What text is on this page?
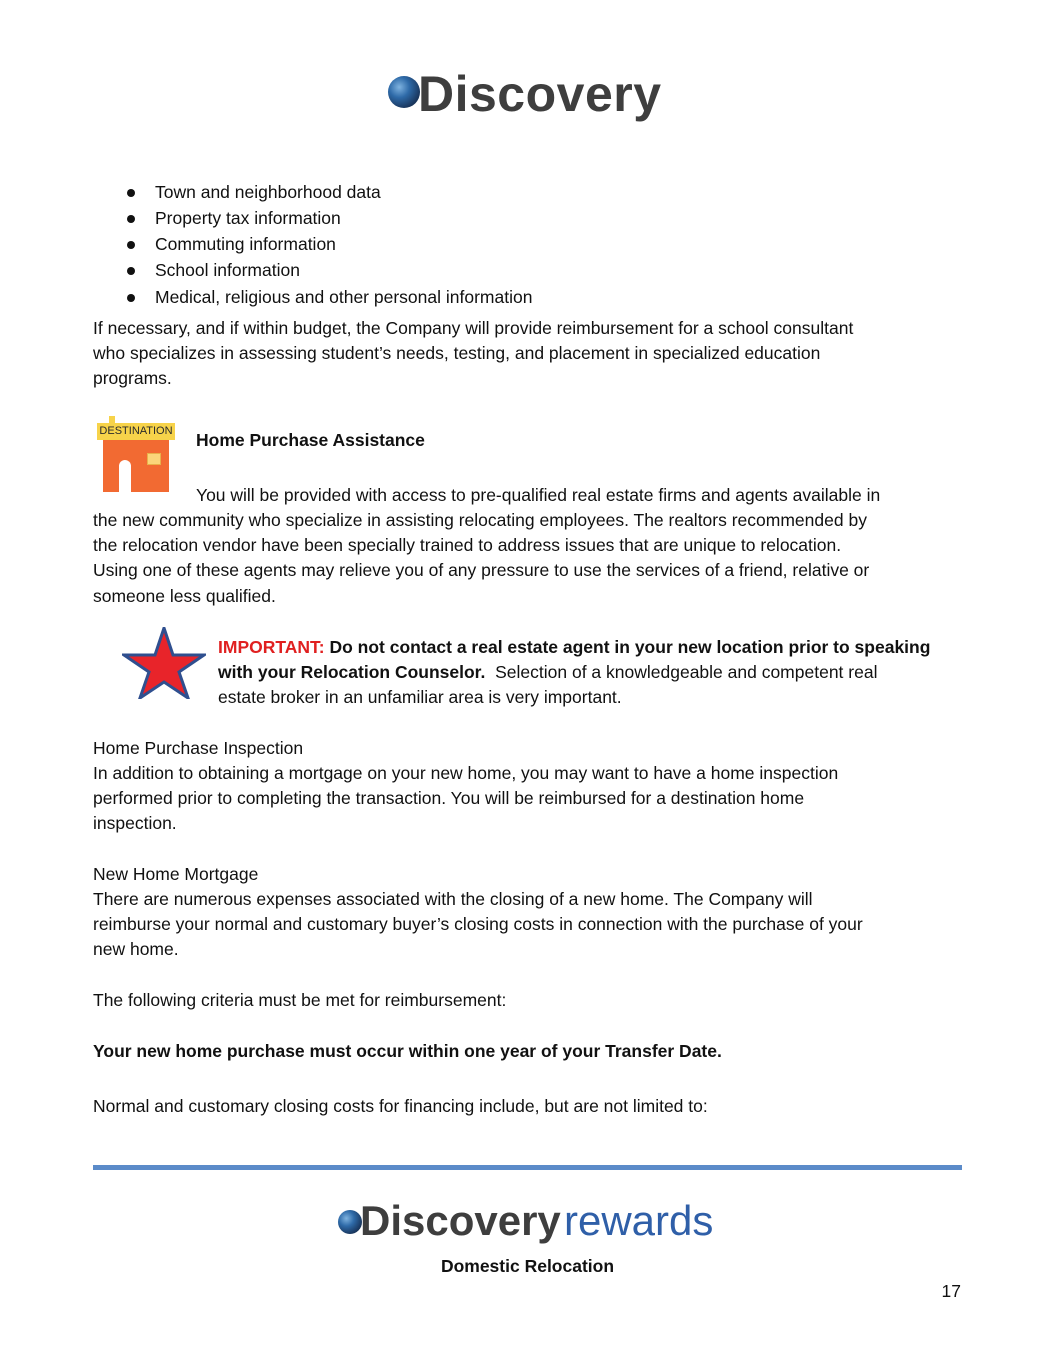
Discovery
Town and neighborhood data
Property tax information
Commuting information
School information
Medical, religious and other personal information
If necessary, and if within budget, the Company will provide reimbursement for a school consultant
who specializes in assessing student’s needs, testing, and placement in specialized education
programs.
DESTINATION Home Purchase Assistance
You will be provided with access to pre-qualified real estate firms and agents available in
the new community who specialize in assisting relocating employees. The realtors recommended by
the relocation vendor have been specially trained to address issues that are unique to relocation.
Using one of these agents may relieve you of any pressure to use the services of a friend, relative or
someone less qualified.
IMPORTANT: Do not contact a real estate agent in your new location prior to speaking
with your Relocation Counselor.  Selection of a knowledgeable and competent real
estate broker in an unfamiliar area is very important.
Home Purchase Inspection
In addition to obtaining a mortgage on your new home, you may want to have a home inspection
performed prior to completing the transaction. You will be reimbursed for a destination home
inspection.
New Home Mortgage
There are numerous expenses associated with the closing of a new home. The Company will
reimburse your normal and customary buyer’s closing costs in connection with the purchase of your
new home.
The following criteria must be met for reimbursement:
Your new home purchase must occur within one year of your Transfer Date.
Normal and customary closing costs for financing include, but are not limited to:
Discovery rewards
Domestic Relocation
17
